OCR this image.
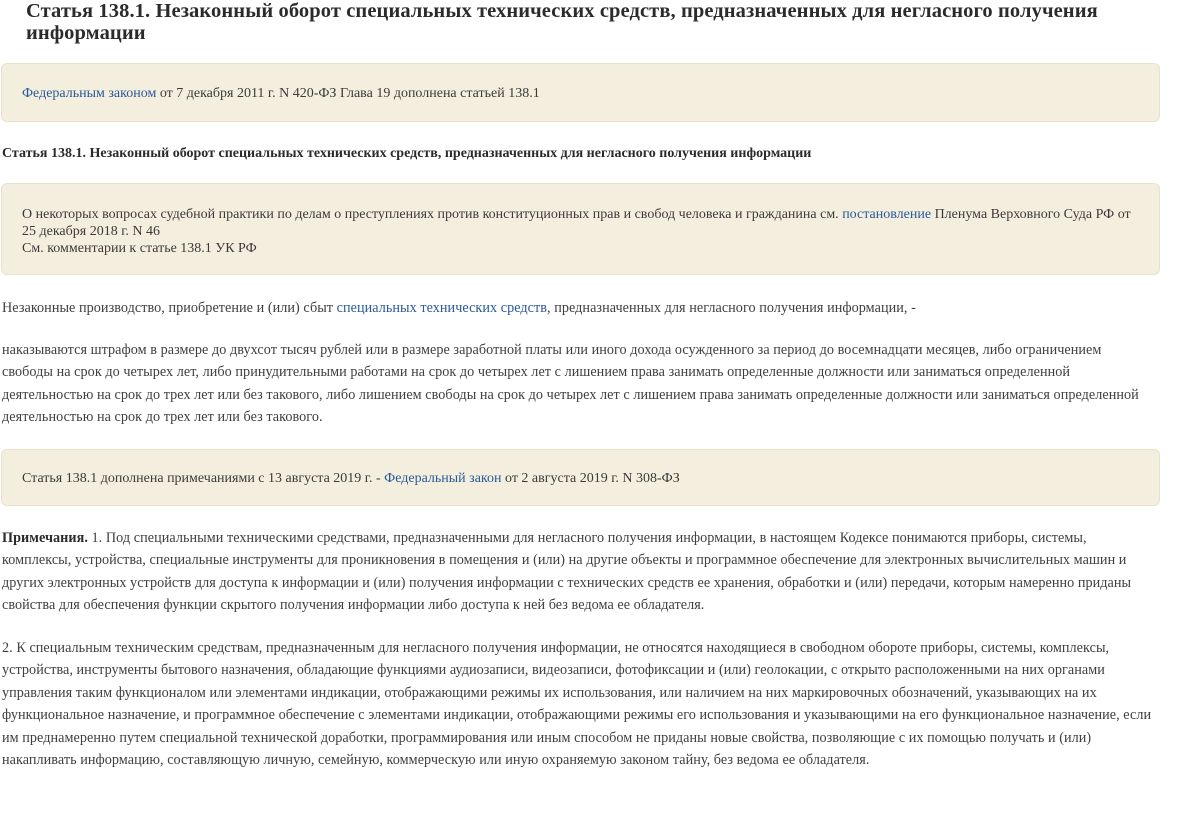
Статья 138.1. Незаконный оборот специальных технических средств, предназначенных для негласного получения информации
Федеральным законом от 7 декабря 2011 г. N 420-ФЗ Глава 19 дополнена статьей 138.1
Статья 138.1. Незаконный оборот специальных технических средств, предназначенных для негласного получения информации
О некоторых вопросах судебной практики по делам о преступлениях против конституционных прав и свобод человека и гражданина см. постановление Пленума Верховного Суда РФ от 25 декабря 2018 г. N 46
См. комментарии к статье 138.1 УК РФ

Незаконные производство, приобретение и (или) сбыт специальных технических средств, предназначенных для негласного получения информации, -

наказываются штрафом в размере до двухсот тысяч рублей или в размере заработной платы или иного дохода осужденного за период до восемнадцати месяцев, либо ограничением свободы на срок до четырех лет, либо принудительными работами на срок до четырех лет с лишением права занимать определенные должности или заниматься определенной деятельностью на срок до трех лет или без такового, либо лишением свободы на срок до четырех лет с лишением права занимать определенные должности или заниматься определенной деятельностью на срок до трех лет или без такового.

Статья 138.1 дополнена примечаниями с 13 августа 2019 г. - Федеральный закон от 2 августа 2019 г. N 308-ФЗ

Примечания. 1. Под специальными техническими средствами, предназначенными для негласного получения информации, в настоящем Кодексе понимаются приборы, системы, комплексы, устройства, специальные инструменты для проникновения в помещения и (или) на другие объекты и программное обеспечение для электронных вычислительных машин и других электронных устройств для доступа к информации и (или) получения информации с технических средств ее хранения, обработки и (или) передачи, которым намеренно приданы свойства для обеспечения функции скрытого получения информации либо доступа к ней без ведома ее обладателя.

2. К специальным техническим средствам, предназначенным для негласного получения информации, не относятся находящиеся в свободном обороте приборы, системы, комплексы, устройства, инструменты бытового назначения, обладающие функциями аудиозаписи, видеозаписи, фотофиксации и (или) геолокации, с открыто расположенными на них органами управления таким функционалом или элементами индикации, отображающими режимы их использования, или наличием на них маркировочных обозначений, указывающих на их функциональное назначение, и программное обеспечение с элементами индикации, отображающими режимы его использования и указывающими на его функциональное назначение, если им преднамеренно путем специальной технической доработки, программирования или иным способом не приданы новые свойства, позволяющие с их помощью получать и (или) накапливать информацию, составляющую личную, семейную, коммерческую или иную охраняемую законом тайну, без ведома ее обладателя.
